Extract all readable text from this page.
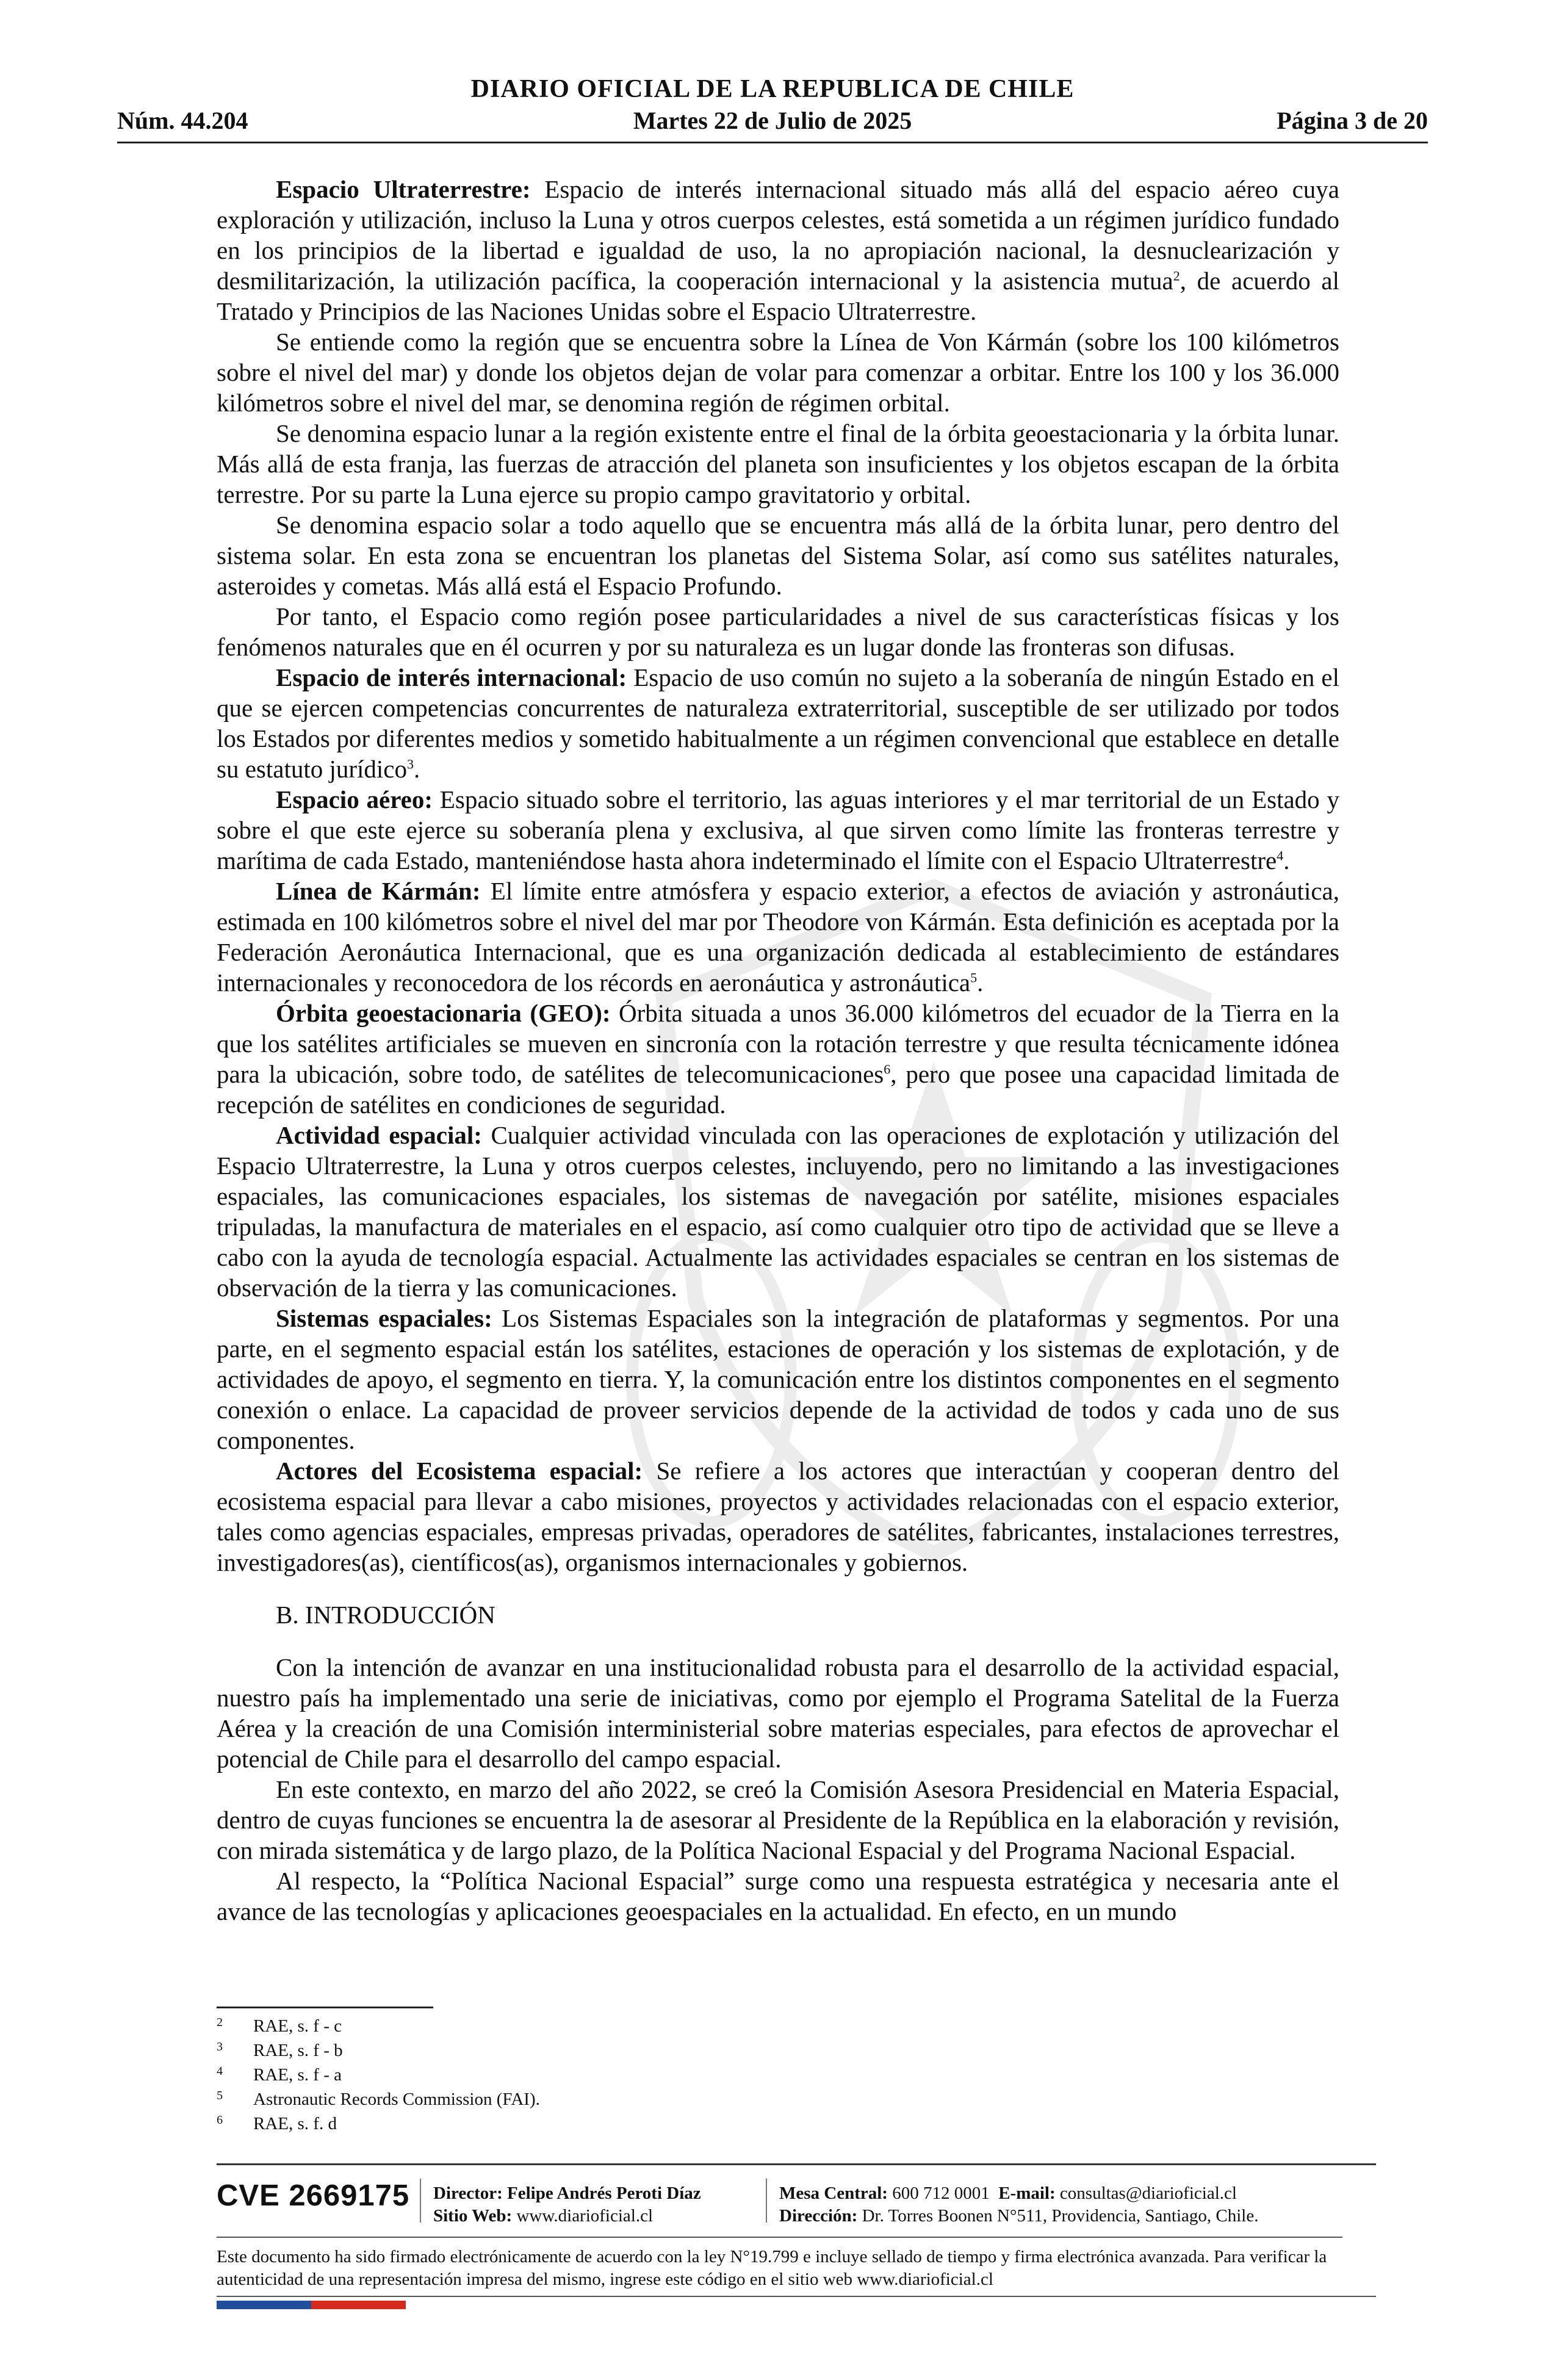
DIARIO OFICIAL DE LA REPUBLICA DE CHILE
Núm. 44.204	Martes 22 de Julio de 2025	Página 3 de 20

Espacio Ultraterrestre: Espacio de interés internacional situado más allá del espacio aéreo cuya exploración y utilización, incluso la Luna y otros cuerpos celestes, está sometida a un régimen jurídico fundado en los principios de la libertad e igualdad de uso, la no apropiación nacional, la desnuclearización y desmilitarización, la utilización pacífica, la cooperación internacional y la asistencia mutua$^2$, de acuerdo al Tratado y Principios de las Naciones Unidas sobre el Espacio Ultraterrestre.

Se entiende como la región que se encuentra sobre la Línea de Von Kármán (sobre los 100 kilómetros sobre el nivel del mar) y donde los objetos dejan de volar para comenzar a orbitar. Entre los 100 y los 36.000 kilómetros sobre el nivel del mar, se denomina región de régimen orbital.

Se denomina espacio lunar a la región existente entre el final de la órbita geoestacionaria y la órbita lunar. Más allá de esta franja, las fuerzas de atracción del planeta son insuficientes y los objetos escapan de la órbita terrestre. Por su parte la Luna ejerce su propio campo gravitatorio y orbital.

Se denomina espacio solar a todo aquello que se encuentra más allá de la órbita lunar, pero dentro del sistema solar. En esta zona se encuentran los planetas del Sistema Solar, así como sus satélites naturales, asteroides y cometas. Más allá está el Espacio Profundo.

Por tanto, el Espacio como región posee particularidades a nivel de sus características físicas y los fenómenos naturales que en él ocurren y por su naturaleza es un lugar donde las fronteras son difusas.

Espacio de interés internacional: Espacio de uso común no sujeto a la soberanía de ningún Estado en el que se ejercen competencias concurrentes de naturaleza extraterritorial, susceptible de ser utilizado por todos los Estados por diferentes medios y sometido habitualmente a un régimen convencional que establece en detalle su estatuto jurídico$^3$.

Espacio aéreo: Espacio situado sobre el territorio, las aguas interiores y el mar territorial de un Estado y sobre el que este ejerce su soberanía plena y exclusiva, al que sirven como límite las fronteras terrestre y marítima de cada Estado, manteniéndose hasta ahora indeterminado el límite con el Espacio Ultraterrestre$^4$.

Línea de Kármán: El límite entre atmósfera y espacio exterior, a efectos de aviación y astronáutica, estimada en 100 kilómetros sobre el nivel del mar por Theodore von Kármán. Esta definición es aceptada por la Federación Aeronáutica Internacional, que es una organización dedicada al establecimiento de estándares internacionales y reconocedora de los récords en aeronáutica y astronáutica$^5$.

Órbita geoestacionaria (GEO): Órbita situada a unos 36.000 kilómetros del ecuador de la Tierra en la que los satélites artificiales se mueven en sincronía con la rotación terrestre y que resulta técnicamente idónea para la ubicación, sobre todo, de satélites de telecomunicaciones$^6$, pero que posee una capacidad limitada de recepción de satélites en condiciones de seguridad.

Actividad espacial: Cualquier actividad vinculada con las operaciones de explotación y utilización del Espacio Ultraterrestre, la Luna y otros cuerpos celestes, incluyendo, pero no limitando a las investigaciones espaciales, las comunicaciones espaciales, los sistemas de navegación por satélite, misiones espaciales tripuladas, la manufactura de materiales en el espacio, así como cualquier otro tipo de actividad que se lleve a cabo con la ayuda de tecnología espacial. Actualmente las actividades espaciales se centran en los sistemas de observación de la tierra y las comunicaciones.

Sistemas espaciales: Los Sistemas Espaciales son la integración de plataformas y segmentos. Por una parte, en el segmento espacial están los satélites, estaciones de operación y los sistemas de explotación, y de actividades de apoyo, el segmento en tierra. Y, la comunicación entre los distintos componentes en el segmento conexión o enlace. La capacidad de proveer servicios depende de la actividad de todos y cada uno de sus componentes.

Actores del Ecosistema espacial: Se refiere a los actores que interactúan y cooperan dentro del ecosistema espacial para llevar a cabo misiones, proyectos y actividades relacionadas con el espacio exterior, tales como agencias espaciales, empresas privadas, operadores de satélites, fabricantes, instalaciones terrestres, investigadores(as), científicos(as), organismos internacionales y gobiernos.

B. INTRODUCCIÓN

Con la intención de avanzar en una institucionalidad robusta para el desarrollo de la actividad espacial, nuestro país ha implementado una serie de iniciativas, como por ejemplo el Programa Satelital de la Fuerza Aérea y la creación de una Comisión interministerial sobre materias especiales, para efectos de aprovechar el potencial de Chile para el desarrollo del campo espacial.

En este contexto, en marzo del año 2022, se creó la Comisión Asesora Presidencial en Materia Espacial, dentro de cuyas funciones se encuentra la de asesorar al Presidente de la República en la elaboración y revisión, con mirada sistemática y de largo plazo, de la Política Nacional Espacial y del Programa Nacional Espacial.

Al respecto, la “Política Nacional Espacial” surge como una respuesta estratégica y necesaria ante el avance de las tecnologías y aplicaciones geoespaciales en la actualidad. En efecto, en un mundo

2 RAE, s. f - c
3 RAE, s. f - b
4 RAE, s. f - a
5 Astronautic Records Commission (FAI).
6 RAE, s. f. d
CVE 2669175 Director: Felipe Andrés Peroti Díaz
Sitio Web: www.diarioficial.cl
Mesa Central: 600 712 0001 E-mail: consultas@diarioficial.cl
Dirección: Dr. Torres Boonen N°511, Providencia, Santiago, Chile.
Este documento ha sido firmado electrónicamente de acuerdo con la ley N°19.799 e incluye sellado de tiempo y firma electrónica avanzada. Para verificar la autenticidad de una representación impresa del mismo, ingrese este código en el sitio web www.diarioficial.cl
